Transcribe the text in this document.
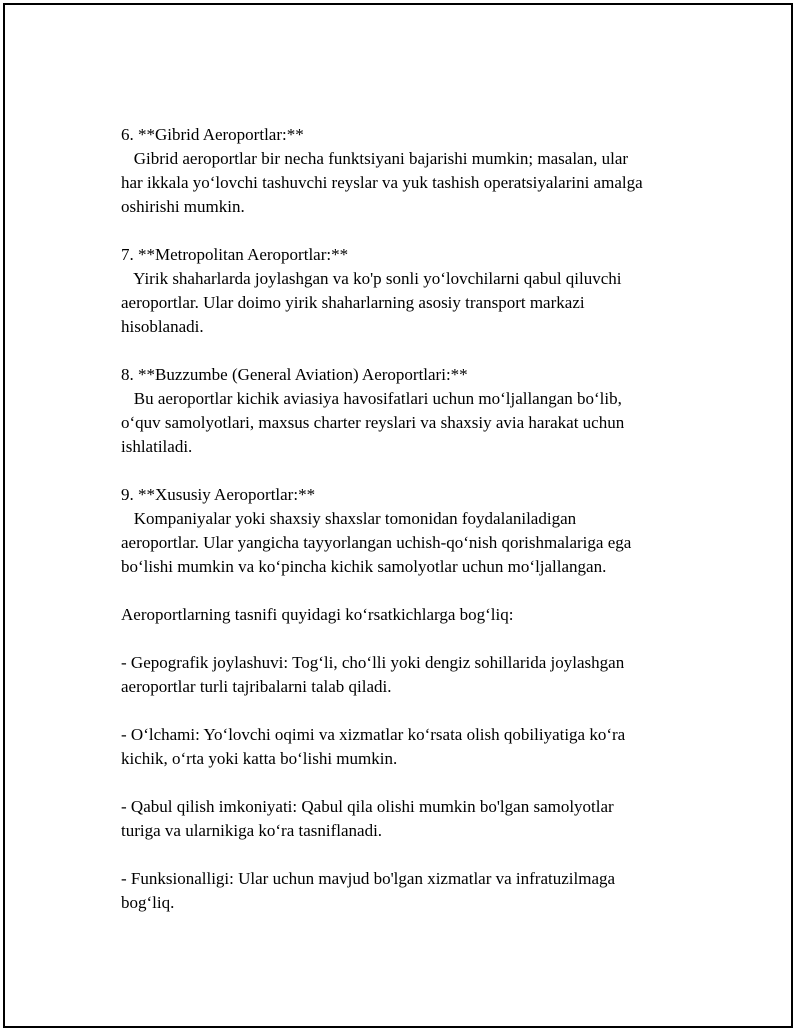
6. **Gibrid Aeroportlar:**
Gibrid aeroportlar bir necha funktsiyani bajarishi mumkin; masalan, ular
har ikkala yo‘lovchi tashuvchi reyslar va yuk tashish operatsiyalarini amalga
oshirishi mumkin.
7. **Metropolitan Aeroportlar:**
Yirik shaharlarda joylashgan va ko'p sonli yo‘lovchilarni qabul qiluvchi
aeroportlar. Ular doimo yirik shaharlarning asosiy transport markazi
hisoblanadi.
8. **Buzzumbe (General Aviation) Aeroportlari:**
Bu aeroportlar kichik aviasiya havosifatlari uchun mo‘ljallangan bo‘lib,
o‘quv samolyotlari, maxsus charter reyslari va shaxsiy avia harakat uchun
ishlatiladi.
9. **Xususiy Aeroportlar:**
Kompaniyalar yoki shaxsiy shaxslar tomonidan foydalaniladigan
aeroportlar. Ular yangicha tayyorlangan uchish-qo‘nish qorishmalariga ega
bo‘lishi mumkin va ko‘pincha kichik samolyotlar uchun mo‘ljallangan.
Aeroportlarning tasnifi quyidagi ko‘rsatkichlarga bog‘liq:
- Gepografik joylashuvi: Tog‘li, cho‘lli yoki dengiz sohillarida joylashgan
aeroportlar turli tajribalarni talab qiladi.
- O‘lchami: Yo‘lovchi oqimi va xizmatlar ko‘rsata olish qobiliyatiga ko‘ra
kichik, o‘rta yoki katta bo‘lishi mumkin.
- Qabul qilish imkoniyati: Qabul qila olishi mumkin bo'lgan samolyotlar
turiga va ularnikiga ko‘ra tasniflanadi.
- Funksionalligi: Ular uchun mavjud bo'lgan xizmatlar va infratuzilmaga
bog‘liq.
